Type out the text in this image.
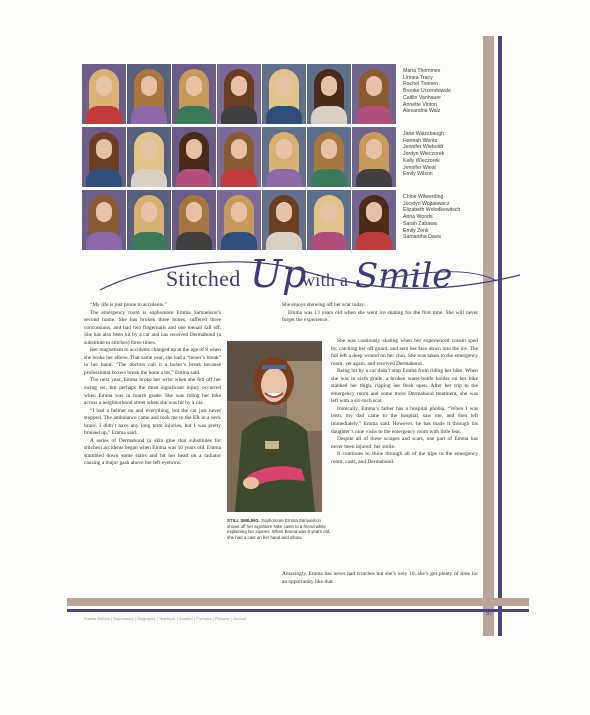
Maria Thommes
Linnea Tracy
Rachel Treinen
Brooke Urzendowski
Caitlin Vanhauer
Annette Vinton
Alexandria Walz
Jane Walzsbaugh
Hannah Wentz
Jennifer Wieboldt
Jordyn Wieczorek
Kelly Wieczorek
Jennifer Wiest
Emily Wilson
Chloe Wilwerding
Jocelyn Wojtalewicz
Elizabeth Wolodkewitsch
Anna Woods
Sarah Zabawa
Emily Zenk
Samantha Davis
Stitched Up
with a Smile

“My life is just prone to accidents.”

The emergency room is sophomore Emma Samuelson’s second home. She has broken three bones, suffered three concussions, and had two fingernails and one toenail fall off. She has also been hit by a car and has received Dermabond (a substitute to stitches) three times.

Her magnetism to accidents changed up at the age of 8 when she broke her elbow. That same year, she had a “boxer’s break” in her hand. “The doctors call it a boxer’s break because professional boxers break the bone a lot,” Emma said.

The next year, Emma broke her wrist when she fell off her swing set, but perhaps the most significant injury occurred when Emma was in fourth grade. She was riding her bike across a neighborhood street when she was hit by a car.

“I had a helmet on and everything, but the car just never stopped. The ambulance came and took me to the ER in a neck brace. I didn’t have any long term injuries, but I was pretty bruised up,” Emma said.

A series of Dermabond (a skin glue that substitutes for stitches) accidents began when Emma was 10 years old. Emma stumbled down some stairs and hit her head on a radiator causing a major gash above her left eyebrow.

She enjoys showing off her scar today.

Emma was 13 years old when she went ice skating for the first time. She will never forget the experience.

STILL SMILING. Sophomore Emma Samuelson shows off her signature Nike casts to a friend while explaining her injuries. When Emma was 8 years old, she had a cast on her hand and elbow.

She was cautiously skating when her experienced cousin sped by, catching her off guard, and sent her face down into the ice. The fall left a deep wound on her chin. She was taken to the emergency room, yet again, and received Dermabond.

Being hit by a car didn’t stop Emma from riding her bike. When she was in sixth grade, a broken water-bottle holder on her bike stabbed her thigh, ripping her flesh open. After her trip to the emergency room and some more Dermabond treatment, she was left with a six-inch scar.

Ironically, Emma’s father has a hospital phobia. “When I was born, my dad came to the hospital, saw me, and then left immediately,” Emma said. However, he has made it through his daughter’s nine visits to the emergency room with little fear.

Despite all of these scrapes and scars, one part of Emma has never been injured: her smile.

It continues to shine through all of the trips to the emergency room, casts, and Dermabond.

Amazingly, Emma has never had crutches but she’s only 16; she’s got plenty of time for an opportunity like that.

Sisters Edition | Sophomore | Biography | Yearbook | Student | Portraits | Pictures | Journal
57
